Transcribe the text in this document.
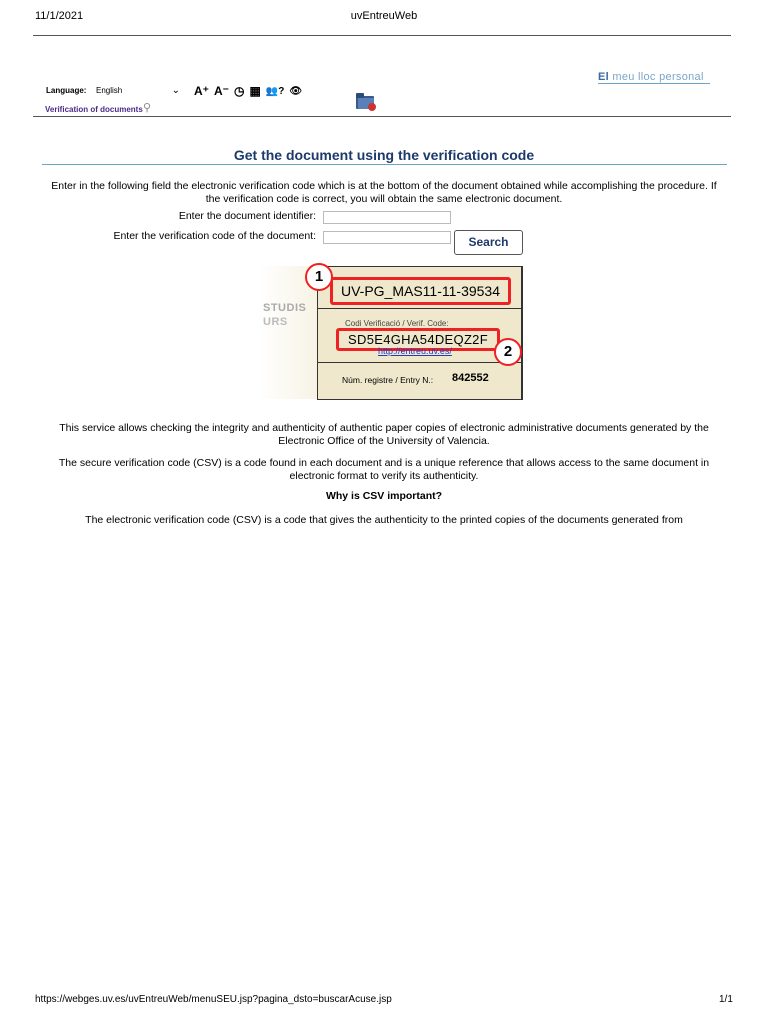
11/1/2021	uvEntreuWeb
El meu lloc personal
Language: English	⌄ A⁺ A⁻ ◷ ▦ 👥? 👁
Verification of documents ⚲
Get the document using the verification code
Enter in the following field the electronic verification code which is at the bottom of the document obtained while accomplishing the procedure. If the verification code is correct, you will obtain the same electronic document.
Enter the document identifier:
Enter the verification code of the document:	Search
STUDIS
URS
UV-PG_MAS11-11-39534
Codi Verificació / Verif. Code:
SD5E4GHA54DEQZ2F
http://entreu.uv.es/
Núm. registre / Entry N.: 842552
1
2
This service allows checking the integrity and authenticity of authentic paper copies of electronic administrative documents generated by the Electronic Office of the University of Valencia.
The secure verification code (CSV) is a code found in each document and is a unique reference that allows access to the same document in electronic format to verify its authenticity.
Why is CSV important?
The electronic verification code (CSV) is a code that gives the authenticity to the printed copies of the documents generated from
https://webges.uv.es/uvEntreuWeb/menuSEU.jsp?pagina_dsto=buscarAcuse.jsp	1/1
